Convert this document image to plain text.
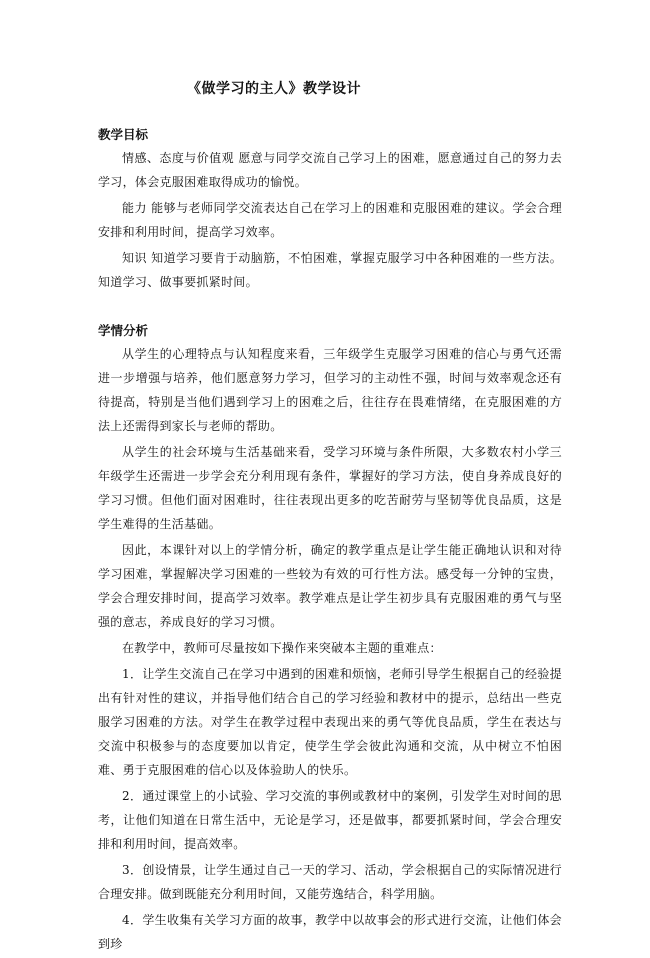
《做学习的主人》教学设计

教学目标

情感、态度与价值观 愿意与同学交流自己学习上的困难，愿意通过自己的努力去学习，体会克服困难取得成功的愉悦。

能力 能够与老师同学交流表达自己在学习上的困难和克服困难的建议。学会合理安排和利用时间，提高学习效率。

知识 知道学习要肯于动脑筋，不怕困难，掌握克服学习中各种困难的一些方法。知道学习、做事要抓紧时间。

学情分析

从学生的心理特点与认知程度来看，三年级学生克服学习困难的信心与勇气还需进一步增强与培养，他们愿意努力学习，但学习的主动性不强，时间与效率观念还有待提高，特别是当他们遇到学习上的困难之后，往往存在畏难情绪，在克服困难的方法上还需得到家长与老师的帮助。

从学生的社会环境与生活基础来看，受学习环境与条件所限，大多数农村小学三年级学生还需进一步学会充分利用现有条件，掌握好的学习方法，使自身养成良好的学习习惯。但他们面对困难时，往往表现出更多的吃苦耐劳与坚韧等优良品质，这是学生难得的生活基础。

因此，本课针对以上的学情分析，确定的教学重点是让学生能正确地认识和对待学习困难，掌握解决学习困难的一些较为有效的可行性方法。感受每一分钟的宝贵，学会合理安排时间，提高学习效率。教学难点是让学生初步具有克服困难的勇气与坚强的意志，养成良好的学习习惯。

在教学中，教师可尽量按如下操作来突破本主题的重难点：

1．让学生交流自己在学习中遇到的困难和烦恼，老师引导学生根据自己的经验提出有针对性的建议，并指导他们结合自己的学习经验和教材中的提示，总结出一些克服学习困难的方法。对学生在教学过程中表现出来的勇气等优良品质，学生在表达与交流中积极参与的态度要加以肯定，使学生学会彼此沟通和交流，从中树立不怕困难、勇于克服困难的信心以及体验助人的快乐。

2．通过课堂上的小试验、学习交流的事例或教材中的案例，引发学生对时间的思考，让他们知道在日常生活中，无论是学习，还是做事，都要抓紧时间，学会合理安排和利用时间，提高效率。

3．创设情景，让学生通过自己一天的学习、活动，学会根据自己的实际情况进行合理安排。做到既能充分利用时间，又能劳逸结合，科学用脑。

4．学生收集有关学习方面的故事，教学中以故事会的形式进行交流，让他们体会到珍
